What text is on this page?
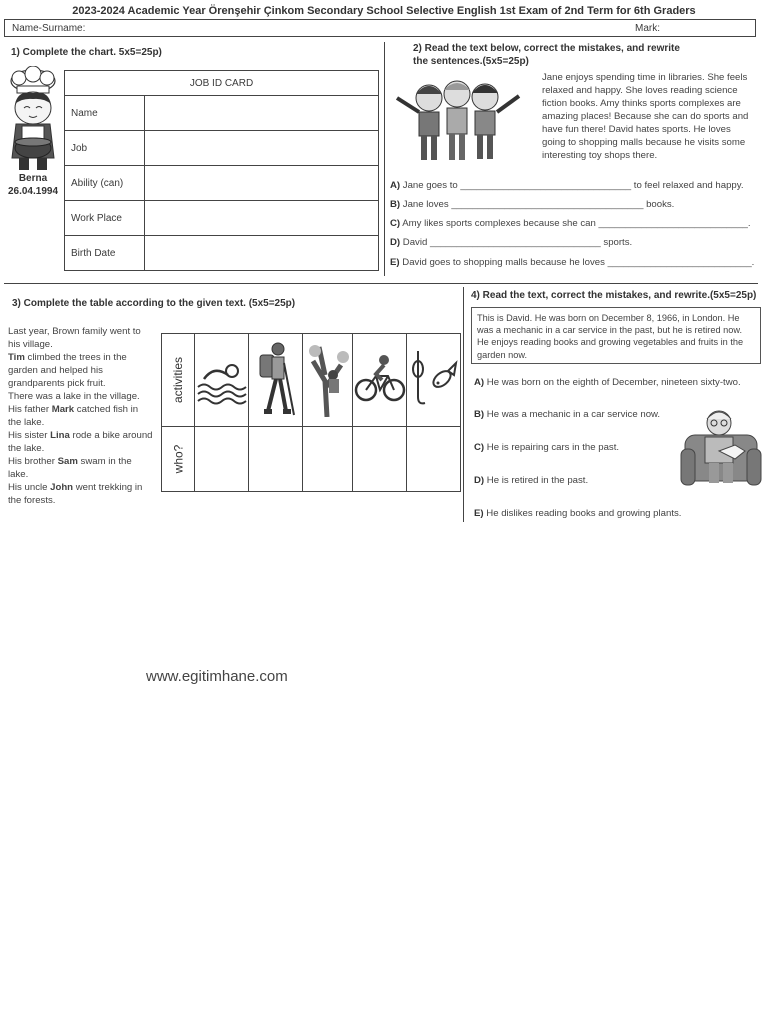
2023-2024 Academic Year Örenşehir Çinkom Secondary School Selective English 1st Exam of 2nd Term for 6th Graders
Name-Surname:	Mark:
1) Complete the chart. 5x5=25p)
Berna
26.04.1994
JOB ID CARD	
Name	
Job	
Ability (can)	
Work Place	
Birth Date	
2) Read the text below, correct the mistakes, and rewrite
the sentences.(5x5=25p)
Jane enjoys spending time in libraries. She feels
relaxed and happy. She loves reading science
fiction books. Amy thinks sports complexes are
amazing places! Because she can do sports and
have fun there! David hates sports. He loves
going to shopping malls because he visits some
interesting toy shops there.
A) Jane goes to ________________________________ to feel relaxed and happy.
B) Jane loves ____________________________________ books.
C) Amy likes sports complexes because she can ____________________________.
D) David ________________________________ sports.
E) David goes to shopping malls because he loves ___________________________.
3) Complete the table according to the given text. (5x5=25p)
Last year, Brown family went to
his village.
Tim climbed the trees in the
garden and helped his
grandparents pick fruit.
There was a lake in the village.
His father Mark catched fish in
the lake.
His sister Lina rode a bike around
the lake.
His brother Sam swam in the
lake.
His uncle John went trekking in
the forests.
activities

who?					

4) Read the text, correct the mistakes, and rewrite.(5x5=25p)
This is David. He was born on December 8, 1966, in London. He
was a mechanic in a car service in the past, but he is retired now.
He enjoys reading books and growing vegetables and fruits in the
garden now.
A) He was born on the eighth of December, nineteen sixty-two.
B) He was a mechanic in a car service now.
C) He is repairing cars in the past.
D) He is retired in the past.
E) He dislikes reading books and growing plants.
www.egitimhane.com
